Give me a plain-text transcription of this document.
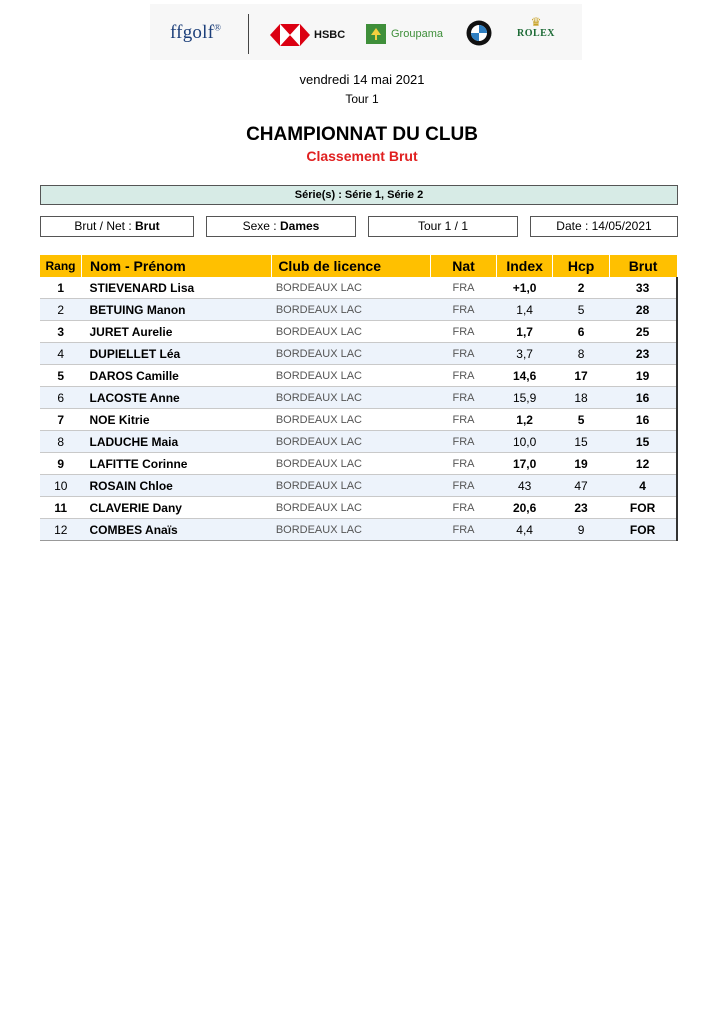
ffgolf®
HSBC	Groupama
♛
ROLEX
vendredi 14 mai 2021
Tour 1
CHAMPIONNAT DU CLUB
Classement Brut
Série(s) : Série 1, Série 2
Brut / Net : Brut	Sexe : Dames	Tour 1 / 1	Date : 14/05/2021
Rang	Nom - Prénom	Club de licence	Nat	Index	Hcp	Brut
1	STIEVENARD Lisa	BORDEAUX LAC	FRA	+1,0	2	33
2	BETUING Manon	BORDEAUX LAC	FRA	1,4	5	28
3	JURET Aurelie	BORDEAUX LAC	FRA	1,7	6	25
4	DUPIELLET Léa	BORDEAUX LAC	FRA	3,7	8	23
5	DAROS Camille	BORDEAUX LAC	FRA	14,6	17	19
6	LACOSTE Anne	BORDEAUX LAC	FRA	15,9	18	16
7	NOE Kitrie	BORDEAUX LAC	FRA	1,2	5	16
8	LADUCHE Maia	BORDEAUX LAC	FRA	10,0	15	15
9	LAFITTE Corinne	BORDEAUX LAC	FRA	17,0	19	12
10	ROSAIN Chloe	BORDEAUX LAC	FRA	43	47	4
11	CLAVERIE Dany	BORDEAUX LAC	FRA	20,6	23	FOR
12	COMBES Anaïs	BORDEAUX LAC	FRA	4,4	9	FOR
